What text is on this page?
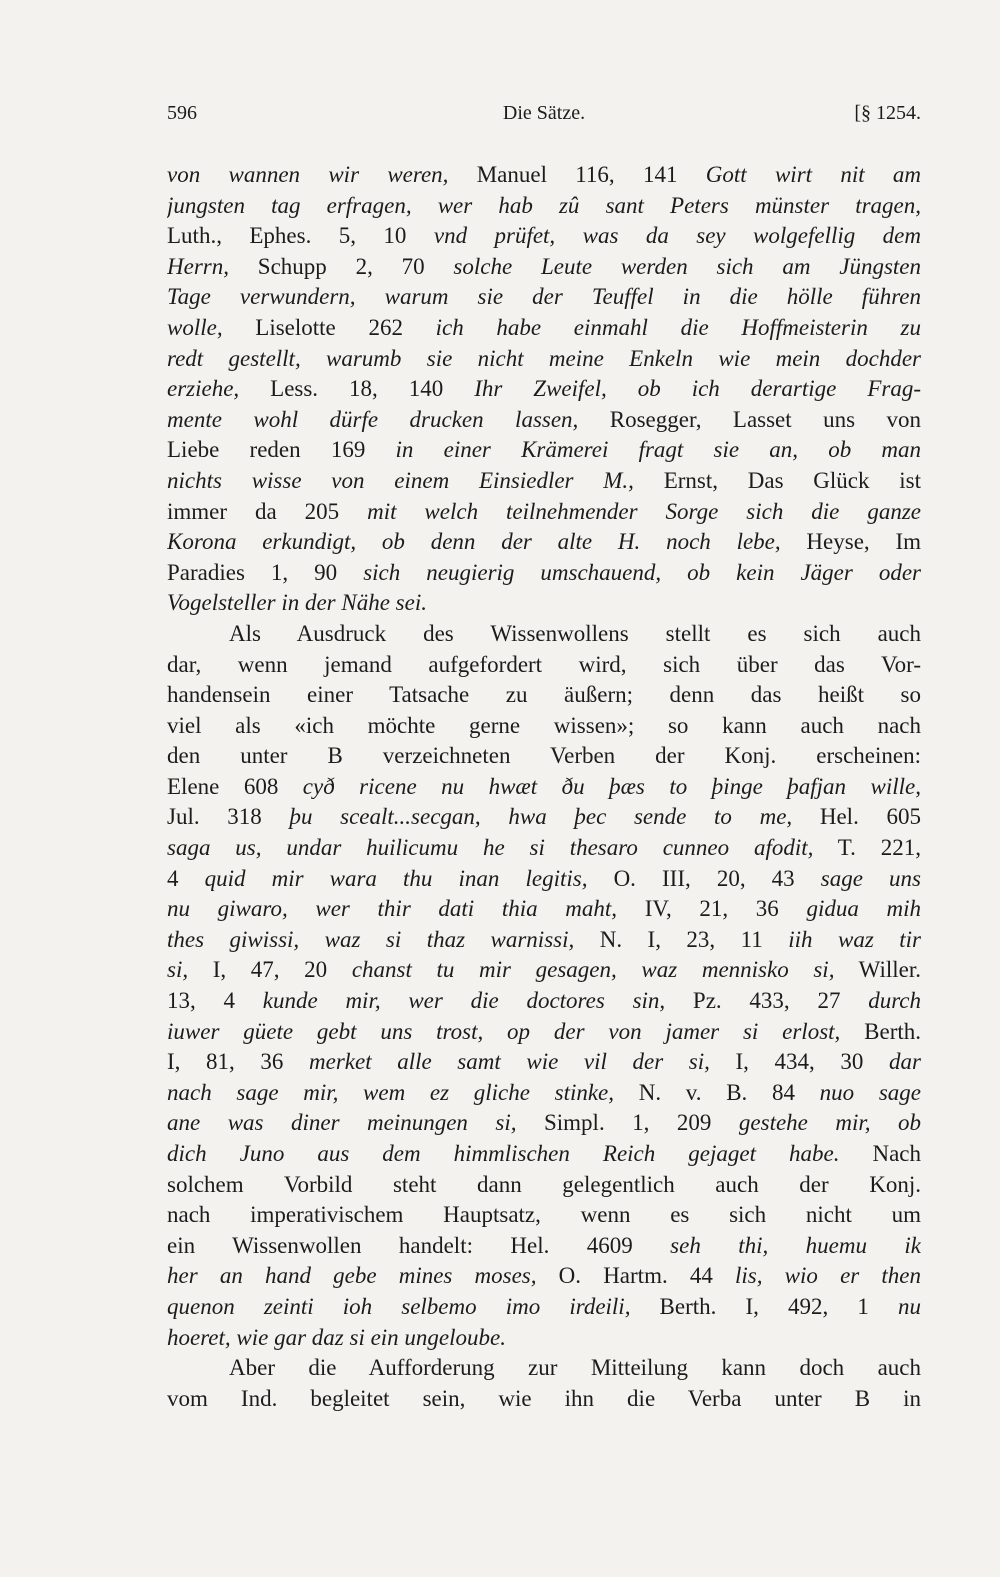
596	Die Sätze.	[§ 1254.
von wannen wir weren, Manuel 116, 141 Gott wirt nit am
jungsten tag erfragen, wer hab zû sant Peters münster tragen,
Luth., Ephes. 5, 10 vnd prüfet, was da sey wolgefellig dem
Herrn, Schupp 2, 70 solche Leute werden sich am Jüngsten
Tage verwundern, warum sie der Teuffel in die hölle führen
wolle, Liselotte 262 ich habe einmahl die Hoffmeisterin zu
redt gestellt, warumb sie nicht meine Enkeln wie mein dochder
erziehe, Less. 18, 140 Ihr Zweifel, ob ich derartige Frag-
mente wohl dürfe drucken lassen, Rosegger, Lasset uns von
Liebe reden 169 in einer Krämerei fragt sie an, ob man
nichts wisse von einem Einsiedler M., Ernst, Das Glück ist
immer da 205 mit welch teilnehmender Sorge sich die ganze
Korona erkundigt, ob denn der alte H. noch lebe, Heyse, Im
Paradies 1, 90 sich neugierig umschauend, ob kein Jäger oder
Vogelsteller in der Nähe sei.
Als Ausdruck des Wissenwollens stellt es sich auch
dar, wenn jemand aufgefordert wird, sich über das Vor-
handensein einer Tatsache zu äußern; denn das heißt so
viel als «ich möchte gerne wissen»; so kann auch nach
den unter B verzeichneten Verben der Konj. erscheinen:
Elene 608 cyð ricene nu hwæt ðu þæs to þinge þafjan wille,
Jul. 318 þu scealt...secgan, hwa þec sende to me, Hel. 605
saga us, undar huilicumu he si thesaro cunneo afodit, T. 221,
4 quid mir wara thu inan legitis, O. III, 20, 43 sage uns
nu giwaro, wer thir dati thia maht, IV, 21, 36 gidua mih
thes giwissi, waz si thaz warnissi, N. I, 23, 11 iih waz tir
si, I, 47, 20 chanst tu mir gesagen, waz mennisko si, Willer.
13, 4 kunde mir, wer die doctores sin, Pz. 433, 27 durch
iuwer güete gebt uns trost, op der von jamer si erlost, Berth.
I, 81, 36 merket alle samt wie vil der si, I, 434, 30 dar
nach sage mir, wem ez gliche stinke, N. v. B. 84 nuo sage
ane was diner meinungen si, Simpl. 1, 209 gestehe mir, ob
dich Juno aus dem himmlischen Reich gejaget habe. Nach
solchem Vorbild steht dann gelegentlich auch der Konj.
nach imperativischem Hauptsatz, wenn es sich nicht um
ein Wissenwollen handelt: Hel. 4609 seh thi, huemu ik
her an hand gebe mines moses, O. Hartm. 44 lis, wio er then
quenon zeinti ioh selbemo imo irdeili, Berth. I, 492, 1 nu
hoeret, wie gar daz si ein ungeloube.
Aber die Aufforderung zur Mitteilung kann doch auch
vom Ind. begleitet sein, wie ihn die Verba unter B in
